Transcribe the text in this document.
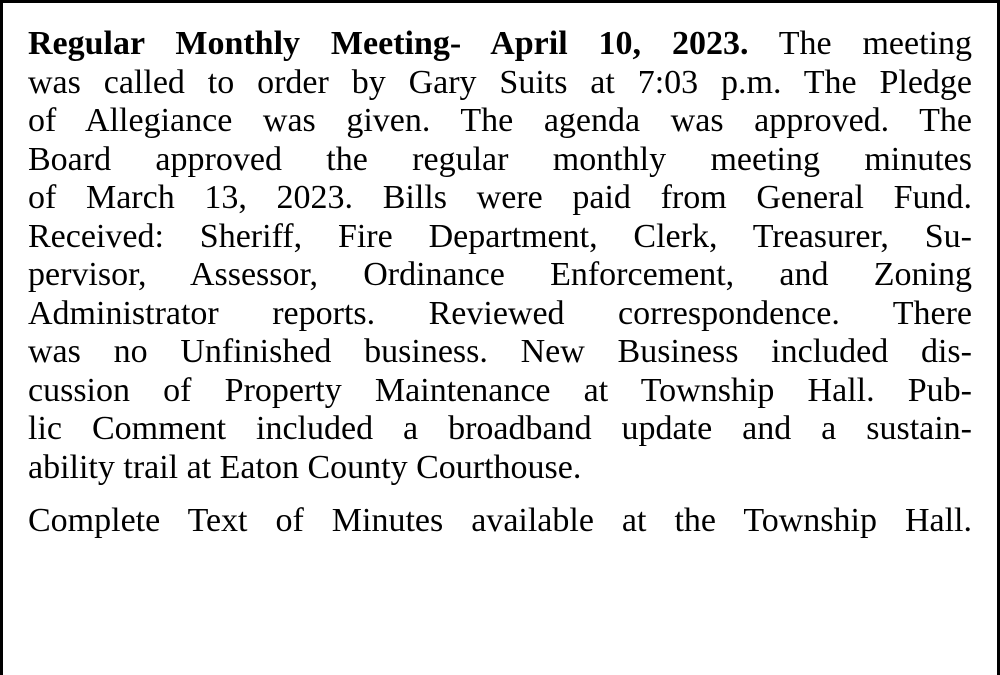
Regular Monthly Meeting- April 10, 2023. The meeting
was called to order by Gary Suits at 7:03 p.m. The Pledge
of Allegiance was given. The agenda was approved. The
Board approved the regular monthly meeting minutes
of March 13, 2023. Bills were paid from General Fund.
Received: Sheriff, Fire Department, Clerk, Treasurer, Su-
pervisor, Assessor, Ordinance Enforcement, and Zoning
Administrator reports. Reviewed correspondence. There
was no Unfinished business. New Business included dis-
cussion of Property Maintenance at Township Hall. Pub-
lic Comment included a broadband update and a sustain-
ability trail at Eaton County Courthouse.
Complete Text of Minutes available at the Township Hall.
